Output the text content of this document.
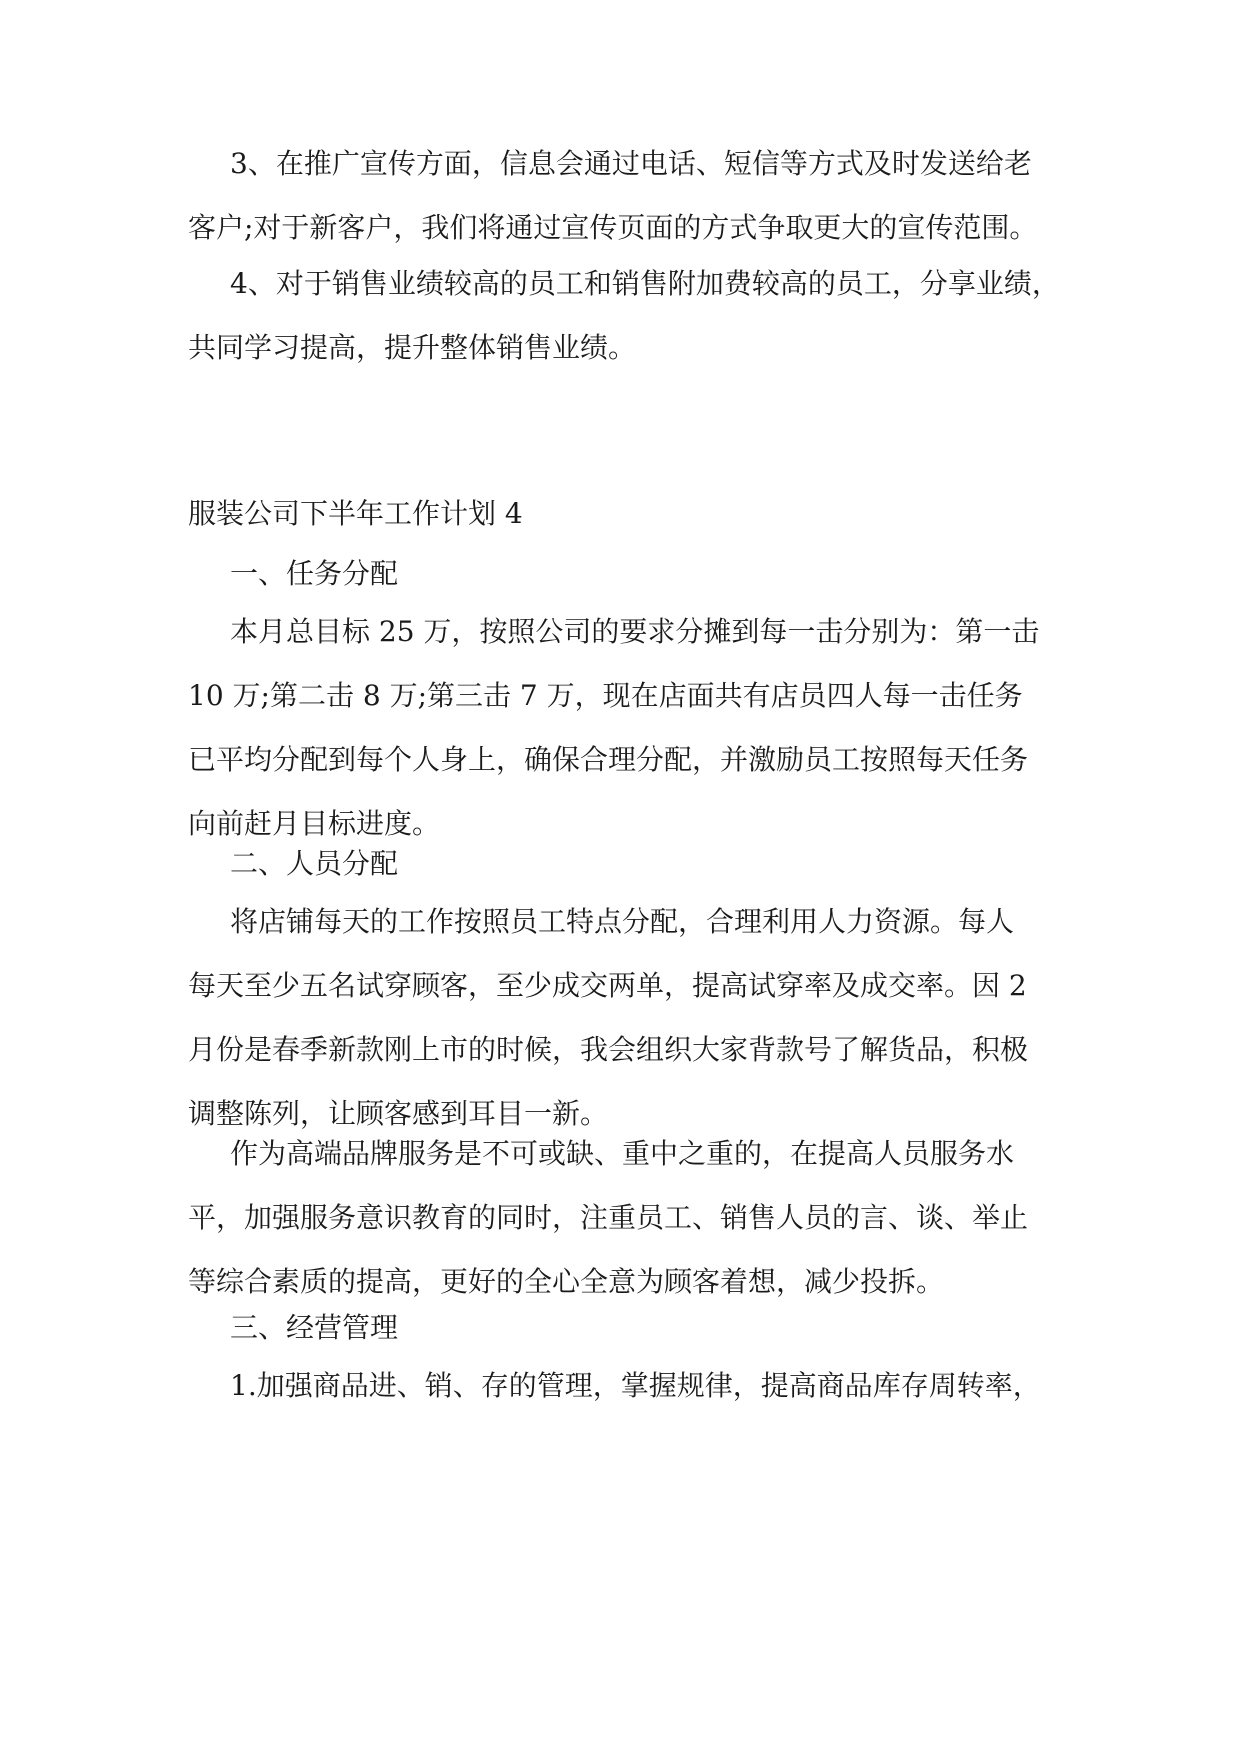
3、在推广宣传方面，信息会通过电话、短信等方式及时发送给老
客户;对于新客户，我们将通过宣传页面的方式争取更大的宣传范围。

4、对于销售业绩较高的员工和销售附加费较高的员工，分享业绩，
共同学习提高，提升整体销售业绩。

服装公司下半年工作计划 4

一、任务分配

本月总目标 25 万，按照公司的要求分摊到每一击分别为：第一击
10 万;第二击 8 万;第三击 7 万，现在店面共有店员四人每一击任务
已平均分配到每个人身上，确保合理分配，并激励员工按照每天任务
向前赶月目标进度。

二、人员分配

将店铺每天的工作按照员工特点分配，合理利用人力资源。每人
每天至少五名试穿顾客，至少成交两单，提高试穿率及成交率。因 2
月份是春季新款刚上市的时候，我会组织大家背款号了解货品，积极
调整陈列，让顾客感到耳目一新。

作为高端品牌服务是不可或缺、重中之重的，在提高人员服务水
平，加强服务意识教育的同时，注重员工、销售人员的言、谈、举止
等综合素质的提高，更好的全心全意为顾客着想，减少投拆。

三、经营管理

1.加强商品进、销、存的管理，掌握规律，提高商品库存周转率，
